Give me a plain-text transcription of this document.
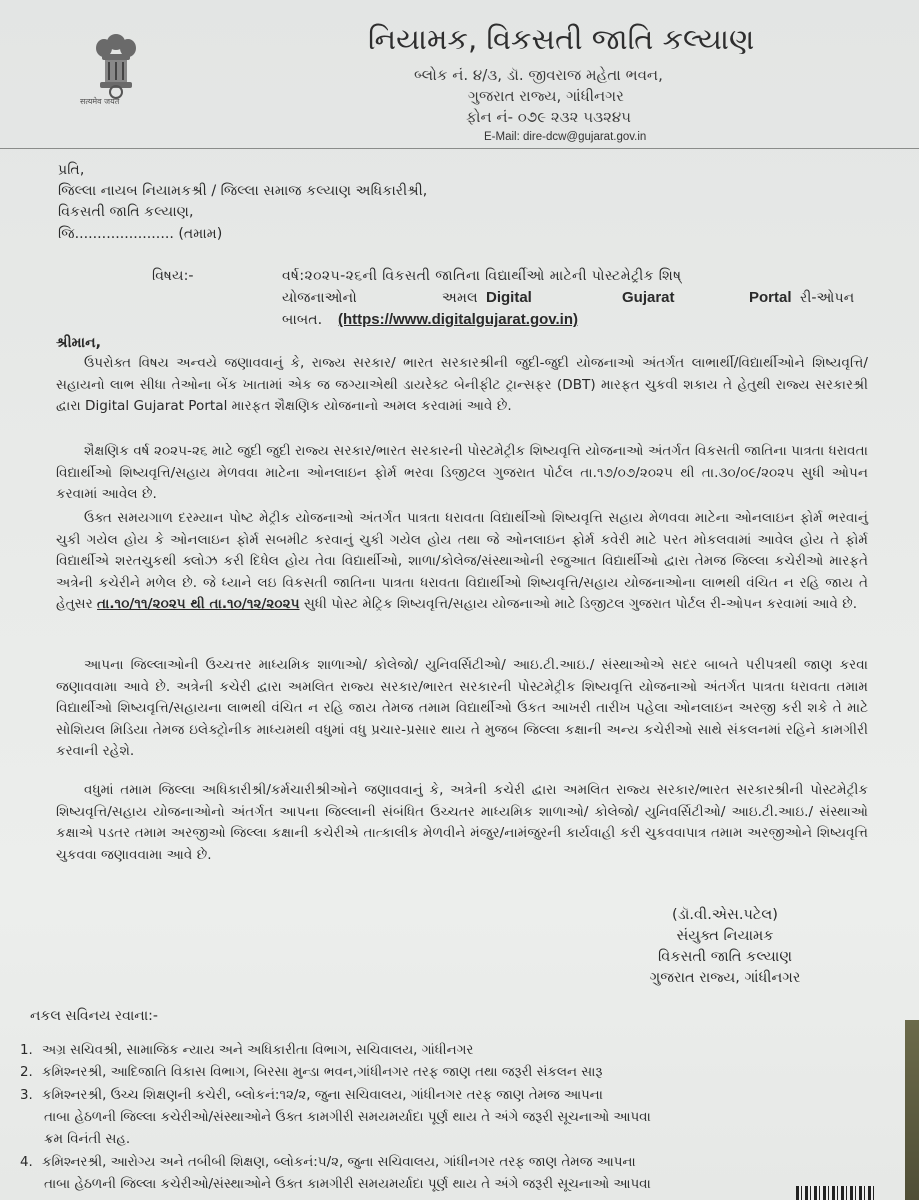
सत्यमेव जयते
નિયામક, વિકસતી જાતિ કલ્યાણ
બ્લોક નં. ૪/૩, ડૉ. જીવરાજ મહેતા ભવન,
ગુજરાત રાજ્ય, ગાંધીનગર
ફોન નં- ૦૭૯ ૨૩૨ ૫૩૨૪૫
E-Mail: dire-dcw@gujarat.gov.in
પ્રતિ,
જિલ્લા નાયબ નિયામકશ્રી / જિલ્લા સમાજ કલ્યાણ અધિકારીશ્રી,
વિકસતી જાતિ કલ્યાણ,
જિ...................... (તમામ)
વિષય:-	વર્ષ:૨૦૨૫-૨૬ની વિકસતી જાતિના વિદ્યાર્થીઓ માટેની પોસ્ટમેટ્રીક શિષ્
યોજનાઓનો	અમલ Digital	Gujarat	Portal રી-ઓપન
બાબત. (https://www.digitalgujarat.gov.in)
શ્રીમાન,

ઉપરોક્ત વિષય અન્વયે જણાવવાનું કે, રાજ્ય સરકાર/ ભારત સરકારશ્રીની જુદી-જુદી યોજનાઓ અંતર્ગત લાભાર્થી/વિદ્યાર્થીઓને શિષ્યવૃત્તિ/સહાયનો લાભ સીધા તેઓના બેંક ખાતામાં એક જ જગ્યાએથી ડાયરેક્ટ બેનીફીટ ટ્રાન્સફર (DBT) મારફત ચુકવી શકાય તે હેતુથી રાજ્ય સરકારશ્રી દ્વારા Digital Gujarat Portal મારફત શૈક્ષણિક યોજનાનો અમલ કરવામાં આવે છે.

શૈક્ષણિક વર્ષ ૨૦૨૫-૨૬ માટે જુદી જુદી રાજ્ય સરકાર/ભારત સરકારની પોસ્ટમેટ્રીક શિષ્યવૃત્તિ યોજનાઓ અંતર્ગત વિકસતી જાતિના પાત્રતા ધરાવતા વિદ્યાર્થીઓ શિષ્યવૃત્તિ/સહાય મેળવવા માટેના ઓનલાઇન ફોર્મ ભરવા ડિજીટલ ગુજરાત પોર્ટલ તા.૧૭/૦૭/૨૦૨૫ થી તા.૩૦/૦૯/૨૦૨૫ સુધી ઓપન કરવામાં આવેલ છે.

ઉક્ત સમયગાળ દરમ્યાન પોષ્ટ મેટ્રીક યોજનાઓ અંતર્ગત પાત્રતા ધરાવતા વિદ્યાર્થીઓ શિષ્યવૃત્તિ સહાય મેળવવા માટેના ઓનલાઇન ફોર્મ ભરવાનું ચુકી ગયેલ હોય કે ઓનલાઇન ફોર્મ સબમીટ કરવાનું ચુકી ગયેલ હોય તથા જે ઓનલાઇન ફોર્મ કવેરી માટે પરત મોકલવામાં આવેલ હોય તે ફોર્મ વિદ્યાર્થીએ શરતચુકથી ક્લોઝ કરી દિધેલ હોય તેવા વિદ્યાર્થીઓ, શાળા/કોલેજ/સંસ્થાઓની રજુઆત વિદ્યાર્થીઓ દ્વારા તેમજ જિલ્લા કચેરીઓ મારફતે અત્રેની કચેરીને મળેલ છે. જે ધ્યાને લઇ વિકસતી જાતિના પાત્રતા ધરાવતા વિદ્યાર્થીઓ શિષ્યવૃત્તિ/સહાય યોજનાઓના લાભથી વંચિત ન રહિ જાય તે હેતુસર તા.૧૦/૧૧/૨૦૨૫ થી તા.૧૦/૧૨/૨૦૨૫ સુધી પોસ્ટ મેટ્રિક શિષ્યવૃત્તિ/સહાય યોજનાઓ માટે ડિજીટલ ગુજરાત પોર્ટલ રી-ઓપન કરવામાં આવે છે.

આપના જિલ્લાઓની ઉચ્ચત્તર માધ્યમિક શાળાઓ/ કોલેજો/ યુનિવર્સિટીઓ/ આઇ.ટી.આઇ./ સંસ્થાઓએ સદર બાબતે પરીપત્રથી જાણ કરવા જણાવવામા આવે છે. અત્રેની કચેરી દ્વારા અમલિત રાજ્ય સરકાર/ભારત સરકારની પોસ્ટમેટ્રીક શિષ્યવૃત્તિ યોજનાઓ અંતર્ગત પાત્રતા ધરાવતા તમામ વિદ્યાર્થીઓ શિષ્યવૃત્તિ/સહાયના લાભથી વંચિત ન રહિ જાય તેમજ તમામ વિદ્યાર્થીઓ ઉકત આખરી તારીખ પહેલા ઓનલાઇન અરજી કરી શકે તે માટે સોશિયલ મિડિયા તેમજ ઇલેક્ટ્રોનીક માધ્યમથી વધુમાં વધુ પ્રચાર-પ્રસાર થાય તે મુજબ જિલ્લા કક્ષાની અન્ય કચેરીઓ સાથે સંકલનમાં રહિને કામગીરી કરવાની રહેશે.

વધુમાં તમામ જિલ્લા અધિકારીશ્રી/કર્મચારીશ્રીઓને જણાવવાનું કે, અત્રેની કચેરી દ્વારા અમલિત રાજ્ય સરકાર/ભારત સરકારશ્રીની પોસ્ટમેટ્રીક શિષ્યવૃત્તિ/સહાય યોજનાઓનો અંતર્ગત આપના જિલ્લાની સંબંધિત ઉચ્ચતર માધ્યમિક શાળાઓ/ કોલેજો/ યુનિવર્સિટીઓ/ આઇ.ટી.આઇ./ સંસ્થાઓ કક્ષાએ પડતર તમામ અરજીઓ જિલ્લા કક્ષાની કચેરીએ તાત્કાલીક મેળવીને મંજુર/નામંજુરની કાર્યવાહી કરી ચુકવવાપાત્ર તમામ અરજીઓને શિષ્યવૃત્તિ ચુકવવા જણાવવામા આવે છે.

(ડૉ.વી.એસ.પટેલ)
સંયુક્ત નિયામક
વિકસતી જાતિ કલ્યાણ
ગુજરાત રાજ્ય, ગાંધીનગર
નકલ સવિનય રવાના:-
1. અગ્ર સચિવશ્રી, સામાજિક ન્યાય અને અધિકારીતા વિભાગ, સચિવાલય, ગાંધીનગર
2. કમિશ્નરશ્રી, આદિજાતિ વિકાસ વિભાગ, બિરસા મુન્ડા ભવન,ગાંધીનગર તરફ જાણ તથા જરૂરી સંકલન સારૂ
3. કમિશ્નરશ્રી, ઉચ્ચ શિક્ષણની કચેરી, બ્લોકનં:૧૨/૨, જુના સચિવાલય, ગાંધીનગર તરફ જાણ તેમજ આપના
તાબા હેઠળની જિલ્લા કચેરીઓ/સંસ્થાઓને ઉક્ત કામગીરી સમયમર્યાદા પૂર્ણ થાય તે અંગે જરૂરી સૂચનાઓ આપવા
ક્રમ વિનંતી સહ.
4. કમિશ્નરશ્રી, આરોગ્ય અને તબીબી શિક્ષણ, બ્લોકનં:૫/૨, જુના સચિવાલય, ગાંધીનગર તરફ જાણ તેમજ આપના
તાબા હેઠળની જિલ્લા કચેરીઓ/સંસ્થાઓને ઉક્ત કામગીરી સમયમર્યાદા પૂર્ણ થાય તે અંગે જરૂરી સૂચનાઓ આપવા
